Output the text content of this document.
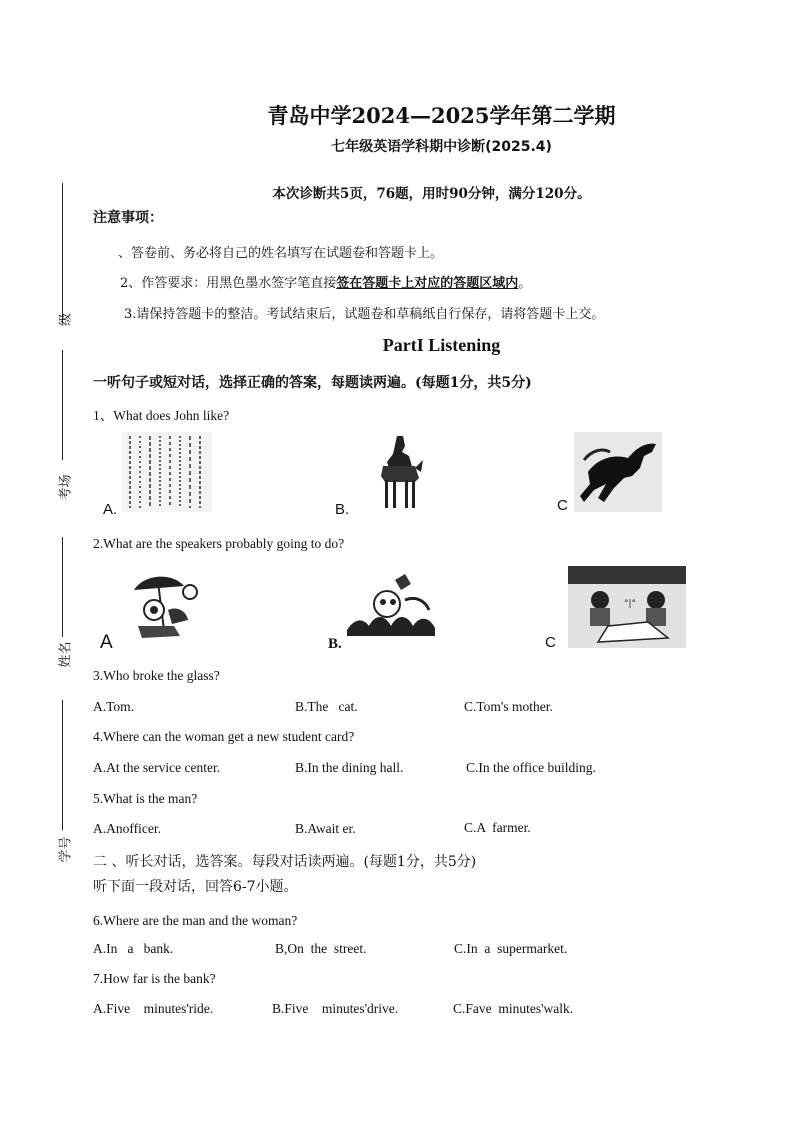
级
考场
姓名
学号
青岛中学2024—2025学年第二学期
七年级英语学科期中诊断(2025.4)
本次诊断共5页，76题，用时90分钟，满分120分。
注意事项：
、答卷前、务必将自己的姓名填写在试题卷和答题卡上。
2、作答要求：用黑色墨水签字笔直接签在答题卡上对应的答题区域内。
3.请保持答题卡的整洁。考试结束后，试题卷和草稿纸自行保存，请将答题卡上交。
PartI Listening
一听句子或短对话，选择正确的答案，每题读两遍。(每题1分，共5分)
1、What does John like?
A.	B.	C
2.What are the speakers probably going to do?
A	B.
°|°
C
3.Who broke the glass?
A.Tom.	B.The   cat.	C.Tom's mother.
4.Where can the woman get a new student card?
A.At the service center.	B.In the dining hall.	C.In the office building.
5.What is the man?
A.Anofficer.	B.Await er.	C.A  farmer.
二 、听长对话，选答案。每段对话读两遍。(每题1分，共5分)
听下面一段对话，回答6-7小题。
6.Where are the man and the woman?
A.In   a   bank.	B,On  the  street.	C.In  a  supermarket.
7.How far is the bank?
A.Five    minutes'ride.	B.Five    minutes'drive.	C.Fave  minutes'walk.
